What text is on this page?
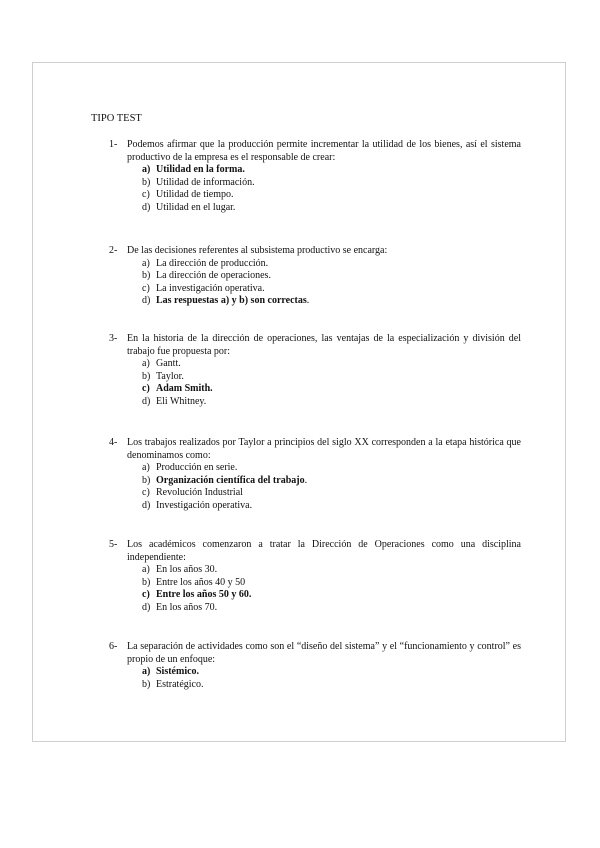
TIPO TEST
1- Podemos afirmar que la producción permite incrementar la utilidad de los bienes, así el sistema productivo de la empresa es el responsable de crear:
a) Utilidad en la forma.
b) Utilidad de información.
c) Utilidad de tiempo.
d) Utilidad en el lugar.
2- De las decisiones referentes al subsistema productivo se encarga:
a) La dirección de producción.
b) La dirección de operaciones.
c) La investigación operativa.
d) Las respuestas a) y b) son correctas .
3- En la historia de la dirección de operaciones, las ventajas de la especialización y división del trabajo fue propuesta por:
a) Gantt.
b) Taylor.
c) Adam Smith.
d) Eli Whitney.
4- Los trabajos realizados por Taylor a principios del siglo XX corresponden a la etapa histórica que denominamos como:
a) Producción en serie.
b) Organización científica del trabajo .
c) Revolución Industrial
d) Investigación operativa.
5- Los académicos comenzaron a tratar la Dirección de Operaciones como una disciplina independiente:
a) En los años 30.
b) Entre los años 40 y 50
c) Entre los años 50 y 60.
d) En los años 70.
6- La separación de actividades como son el “diseño del sistema” y el “funcionamiento y control” es propio de un enfoque:
a) Sistémico.
b) Estratégico.
